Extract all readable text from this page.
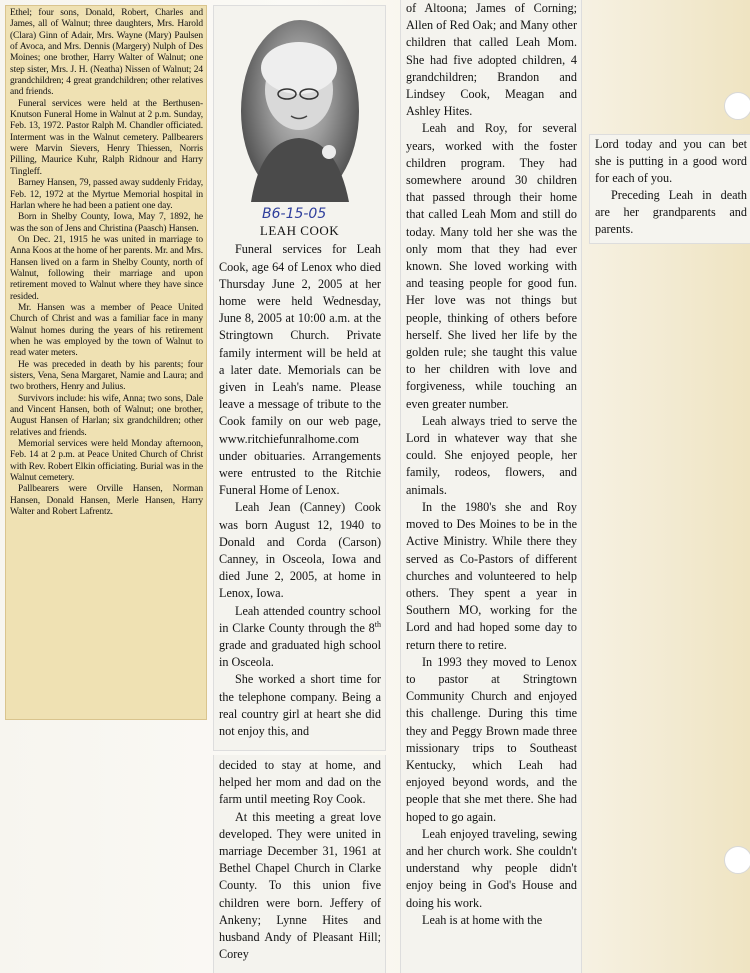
Ethel; four sons, Donald, Robert, Charles and James, all of Walnut; three daughters, Mrs. Harold (Clara) Ginn of Adair, Mrs. Wayne (Mary) Paulsen of Avoca, and Mrs. Dennis (Margery) Nulph of Des Moines; one brother, Harry Walter of Walnut; one step sister, Mrs. J. H. (Neatha) Nissen of Walnut; 24 grandchildren; 4 great grandchildren; other relatives and friends.

Funeral services were held at the Berthusen-Knutson Funeral Home in Walnut at 2 p.m. Sunday, Feb. 13, 1972. Pastor Ralph M. Chandler officiated. Interment was in the Walnut cemetery. Pallbearers were Marvin Sievers, Henry Thiessen, Norris Pilling, Maurice Kuhr, Ralph Ridnour and Harry Tingleff.

Barney Hansen, 79, passed away suddenly Friday, Feb. 12, 1972 at the Myrtue Memorial hospital in Harlan where he had been a patient one day.

Born in Shelby County, Iowa, May 7, 1892, he was the son of Jens and Christina (Paasch) Hansen.

On Dec. 21, 1915 he was united in marriage to Anna Koos at the home of her parents. Mr. and Mrs. Hansen lived on a farm in Shelby County, north of Walnut, following their marriage and upon retirement moved to Walnut where they have since resided.

Mr. Hansen was a member of Peace United Church of Christ and was a familiar face in many Walnut homes during the years of his retirement when he was employed by the town of Walnut to read water meters.

He was preceded in death by his parents; four sisters, Vena, Sena Margaret, Namie and Laura; and two brothers, Henry and Julius.

Survivors include: his wife, Anna; two sons, Dale and Vincent Hansen, both of Walnut; one brother, August Hansen of Harlan; six grandchildren; other relatives and friends.

Memorial services were held Monday afternoon, Feb. 14 at 2 p.m. at Peace United Church of Christ with Rev. Robert Elkin officiating. Burial was in the Walnut cemetery.

Pallbearers were Orville Hansen, Norman Hansen, Donald Hansen, Merle Hansen, Harry Walter and Robert Lafrentz.

B6-15-05
LEAH COOK

Funeral services for Leah Cook, age 64 of Lenox who died Thursday June 2, 2005 at her home were held Wednesday, June 8, 2005 at 10:00 a.m. at the Stringtown Church. Private family interment will be held at a later date. Memorials can be given in Leah's name. Please leave a message of tribute to the Cook family on our web page, www.ritchiefunralhome.com under obituaries. Arrangements were entrusted to the Ritchie Funeral Home of Lenox.

Leah Jean (Canney) Cook was born August 12, 1940 to Donald and Corda (Carson) Canney, in Osceola, Iowa and died June 2, 2005, at home in Lenox, Iowa.

Leah attended country school in Clarke County through the 8th grade and graduated high school in Osceola.

She worked a short time for the telephone company. Being a real country girl at heart she did not enjoy this, and

decided to stay at home, and helped her mom and dad on the farm until meeting Roy Cook.

At this meeting a great love developed. They were united in marriage December 31, 1961 at Bethel Chapel Church in Clarke County. To this union five children were born. Jeffery of Ankeny; Lynne Hites and husband Andy of Pleasant Hill; Corey

of Altoona; James of Corning; Allen of Red Oak; and Many other children that called Leah Mom. She had five adopted children, 4 grandchildren; Brandon and Lindsey Cook, Meagan and Ashley Hites.

Leah and Roy, for several years, worked with the foster children program. They had somewhere around 30 children that passed through their home that called Leah Mom and still do today. Many told her she was the only mom that they had ever known. She loved working with and teasing people for good fun. Her love was not things but people, thinking of others before herself. She lived her life by the golden rule; she taught this value to her children with love and forgiveness, while touching an even greater number.

Leah always tried to serve the Lord in whatever way that she could. She enjoyed people, her family, rodeos, flowers, and animals.

In the 1980's she and Roy moved to Des Moines to be in the Active Ministry. While there they served as Co-Pastors of different churches and volunteered to help others. They spent a year in Southern MO, working for the Lord and had hoped some day to return there to retire.

In 1993 they moved to Lenox to pastor at Stringtown Community Church and enjoyed this challenge. During this time they and Peggy Brown made three missionary trips to Southeast Kentucky, which Leah had enjoyed beyond words, and the people that she met there. She had hoped to go again.

Leah enjoyed traveling, sewing and her church work. She couldn't understand why people didn't enjoy being in God's House and doing his work.

Leah is at home with the

Lord today and you can bet she is putting in a good word for each of you.

Preceding Leah in death are her grandparents and parents.
